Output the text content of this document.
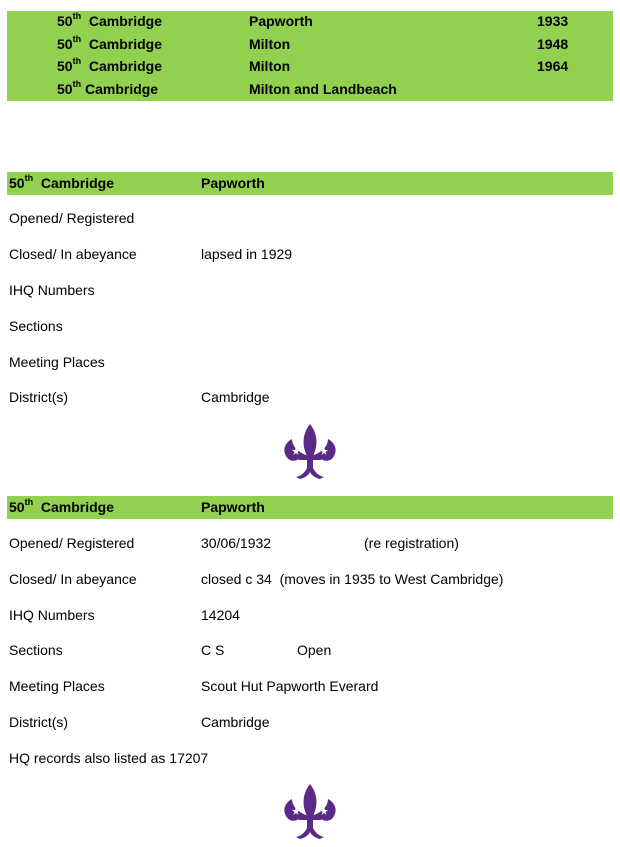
50th Cambridge	Papworth	1933
50th Cambridge	Milton	1948
50th Cambridge	Milton	1964
50th Cambridge	Milton and Landbeach
50th Cambridge	Papworth
Opened/ Registered
Closed/ In abeyance	lapsed in 1929
IHQ Numbers
Sections
Meeting Places
District(s)	Cambridge
50th Cambridge	Papworth
Opened/ Registered	30/06/1932	(re registration)
Closed/ In abeyance	closed c 34  (moves in 1935 to West Cambridge)
IHQ Numbers	14204
Sections	C S	Open
Meeting Places	Scout Hut Papworth Everard
District(s)	Cambridge
HQ records also listed as 17207
